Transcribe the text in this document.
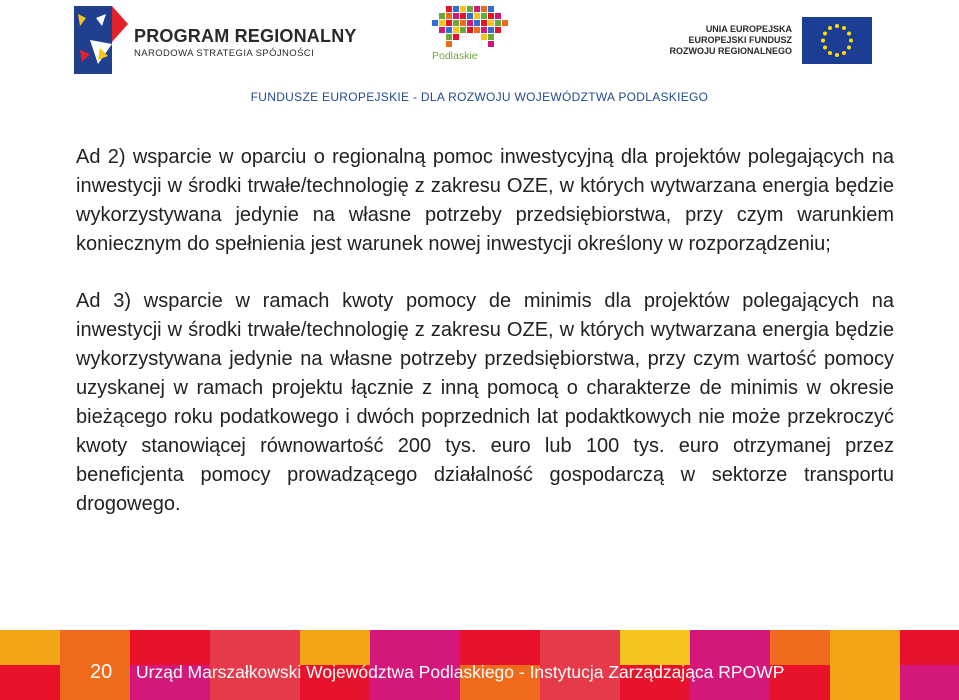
PROGRAM REGIONALNY
NARODOWA STRATEGIA SPÓJNOŚCI	Podlaskie
UNIA EUROPEJSKA
EUROPEJSKI FUNDUSZ
ROZWOJU REGIONALNEGO
FUNDUSZE EUROPEJSKIE - DLA ROZWOJU WOJEWÓDZTWA PODLASKIEGO

Ad 2) wsparcie w oparciu o regionalną pomoc inwestycyjną dla projektów polegających na inwestycji w środki trwałe/technologię z zakresu OZE, w których wytwarzana energia będzie wykorzystywana jedynie na własne potrzeby przedsiębiorstwa, przy czym warunkiem koniecznym do spełnienia jest warunek nowej inwestycji określony w rozporządzeniu;

Ad 3) wsparcie w ramach kwoty pomocy de minimis dla projektów polegających na inwestycji w środki trwałe/technologię z zakresu OZE, w których wytwarzana energia będzie wykorzystywana jedynie na własne potrzeby przedsiębiorstwa, przy czym wartość pomocy uzyskanej w ramach projektu łącznie z inną pomocą o charakterze de minimis w okresie bieżącego roku podatkowego i dwóch poprzednich lat podaktkowych nie może przekroczyć kwoty stanowiącej równowartość 200 tys. euro lub 100 tys. euro otrzymanej przez beneficjenta pomocy prowadzącego działalność gospodarczą w sektorze transportu drogowego.

20 Urząd Marszałkowski Województwa Podlaskiego - Instytucja Zarządzająca RPOWP
